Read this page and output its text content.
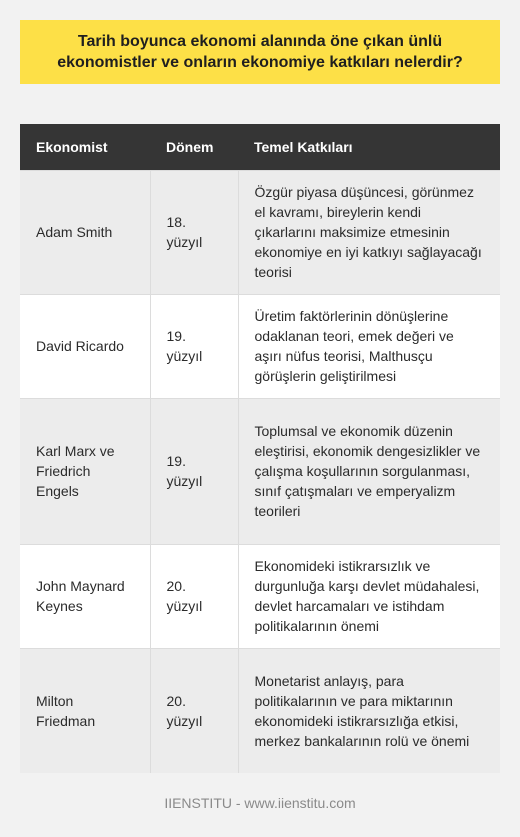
Tarih boyunca ekonomi alanında öne çıkan ünlü ekonomistler ve onların ekonomiye katkıları nelerdir?
Ekonomist	Dönem	Temel Katkıları
Adam Smith	18. yüzyıl	Özgür piyasa düşüncesi, görünmez el kavramı, bireylerin kendi çıkarlarını maksimize etmesinin ekonomiye en iyi katkıyı sağlayacağı teorisi
David Ricardo	19. yüzyıl	Üretim faktörlerinin dönüşlerine odaklanan teori, emek değeri ve aşırı nüfus teorisi, Malthusçu görüşlerin geliştirilmesi
Karl Marx ve Friedrich Engels	19. yüzyıl	Toplumsal ve ekonomik düzenin eleştirisi, ekonomik dengesizlikler ve çalışma koşullarının sorgulanması, sınıf çatışmaları ve emperyalizm teorileri
John Maynard Keynes	20. yüzyıl	Ekonomideki istikrarsızlık ve durgunluğa karşı devlet müdahalesi, devlet harcamaları ve istihdam politikalarının önemi
Milton Friedman	20. yüzyıl	Monetarist anlayış, para politikalarının ve para miktarının ekonomideki istikrarsızlığa etkisi, merkez bankalarının rolü ve önemi
IIENSTITU - www.iienstitu.com
